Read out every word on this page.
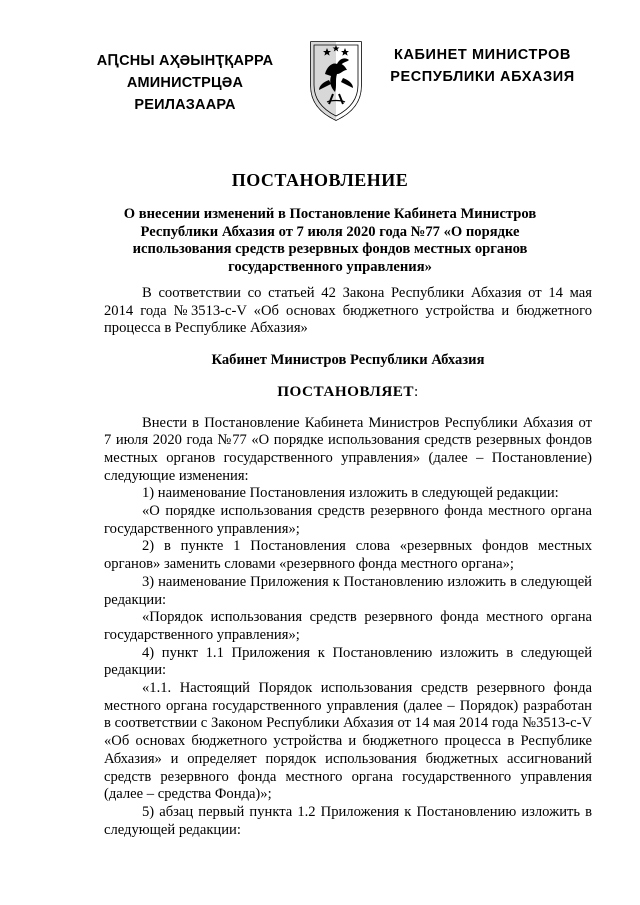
АԤСНЫ АҲӘЫНҬҚАРРА
АМИНИСТРЦӘА РЕИЛАЗААРА
КАБИНЕТ МИНИСТРОВ
РЕСПУБЛИКИ АБХАЗИЯ
ПОСТАНОВЛЕНИЕ
О внесении изменений в Постановление Кабинета Министров Республики Абхазия от 7 июля 2020 года №77 «О порядке использования средств резервных фондов местных органов государственного управления»

В соответствии со статьей 42 Закона Республики Абхазия от 14 мая 2014 года №3513-с-V «Об основах бюджетного устройства и бюджетного процесса в Республике Абхазия»

Кабинет Министров Республики Абхазия

ПОСТАНОВЛЯЕТ:

Внести в Постановление Кабинета Министров Республики Абхазия от 7 июля 2020 года №77 «О порядке использования средств резервных фондов местных органов государственного управления» (далее – Постановление) следующие изменения:

1) наименование Постановления изложить в следующей редакции:

«О порядке использования средств резервного фонда местного органа государственного управления»;

2) в пункте 1 Постановления слова «резервных фондов местных органов» заменить словами «резервного фонда местного органа»;

3) наименование Приложения к Постановлению изложить в следующей редакции:

«Порядок использования средств резервного фонда местного органа государственного управления»;

4) пункт 1.1 Приложения к Постановлению изложить в следующей редакции:

«1.1. Настоящий Порядок использования средств резервного фонда местного органа государственного управления (далее – Порядок) разработан в соответствии с Законом Республики Абхазия от 14 мая 2014 года №3513-с-V «Об основах бюджетного устройства и бюджетного процесса в Республике Абхазия» и определяет порядок использования бюджетных ассигнований средств резервного фонда местного органа государственного управления (далее – средства Фонда)»;

5) абзац первый пункта 1.2 Приложения к Постановлению изложить в следующей редакции:
